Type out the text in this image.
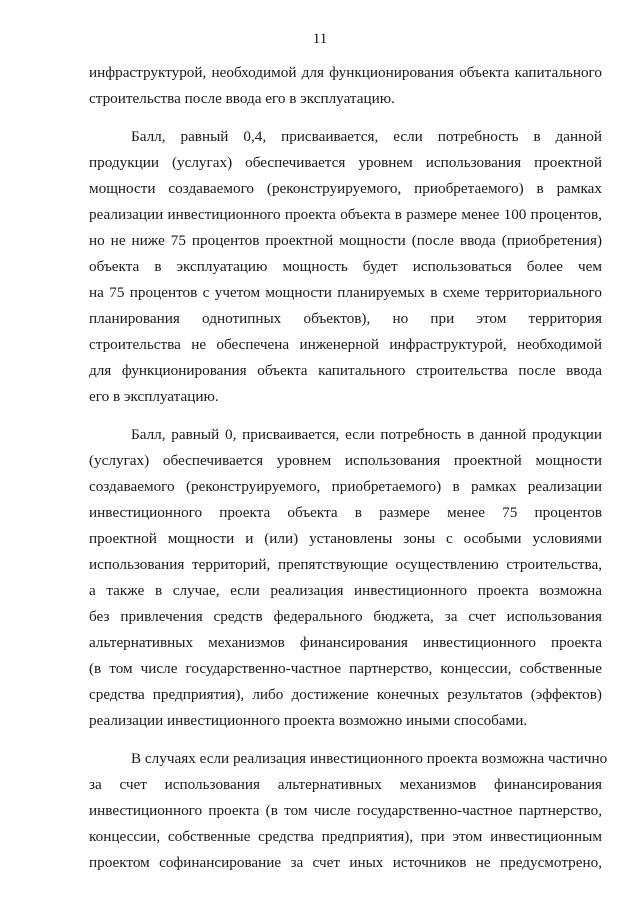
11
инфраструктурой, необходимой для функционирования объекта капитального
строительства после ввода его в эксплуатацию.
Балл, равный 0,4, присваивается, если потребность в данной
продукции (услугах) обеспечивается уровнем использования проектной
мощности создаваемого (реконструируемого, приобретаемого) в рамках
реализации инвестиционного проекта объекта в размере менее 100 процентов,
но не ниже 75 процентов проектной мощности (после ввода (приобретения)
объекта в эксплуатацию мощность будет использоваться более чем
на 75 процентов с учетом мощности планируемых в схеме территориального
планирования однотипных объектов), но при этом территория
строительства не обеспечена инженерной инфраструктурой, необходимой
для функционирования объекта капитального строительства после ввода
его в эксплуатацию.
Балл, равный 0, присваивается, если потребность в данной продукции
(услугах) обеспечивается уровнем использования проектной мощности
создаваемого (реконструируемого, приобретаемого) в рамках реализации
инвестиционного проекта объекта в размере менее 75 процентов
проектной мощности и (или) установлены зоны с особыми условиями
использования территорий, препятствующие осуществлению строительства,
а также в случае, если реализация инвестиционного проекта возможна
без привлечения средств федерального бюджета, за счет использования
альтернативных механизмов финансирования инвестиционного проекта
(в том числе государственно-частное партнерство, концессии, собственные
средства предприятия), либо достижение конечных результатов (эффектов)
реализации инвестиционного проекта возможно иными способами.
В случаях если реализация инвестиционного проекта возможна частично
за счет использования альтернативных механизмов финансирования
инвестиционного проекта (в том числе государственно-частное партнерство,
концессии, собственные средства предприятия), при этом инвестиционным
проектом софинансирование за счет иных источников не предусмотрено,
